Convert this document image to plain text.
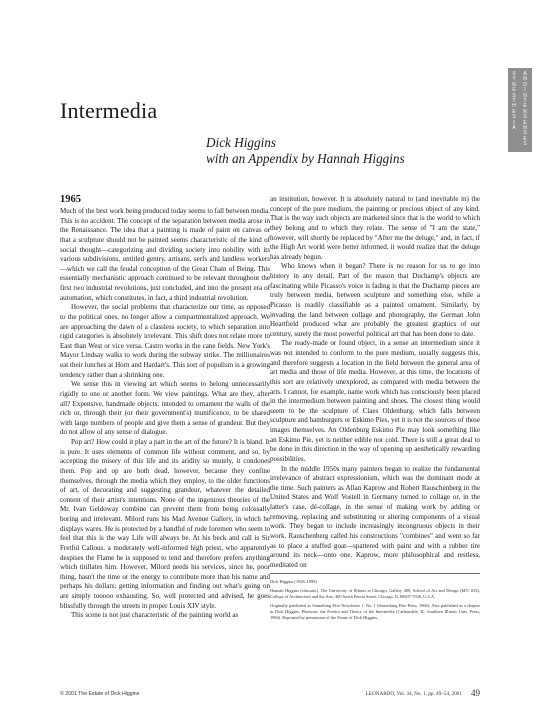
S
Y
N
E
S
T
H
E
S
I
A
A
N
D
I
N
T
E
R
S
E
N
S
E
S
Intermedia
Dick Higgins
with an Appendix by Hannah Higgins
1965

Much of the best work being produced today seems to fall between media. This is no accident. The concept of the separation between media arose in the Renaissance. The idea that a painting is made of paint on canvas or that a sculpture should not be painted seems characteristic of the kind of social thought—categorizing and dividing society into nobility with its various subdivisions, untitled gentry, artisans, serfs and landless workers—which we call the feudal conception of the Great Chain of Being. This essentially mechanistic approach continued to be relevant throughout the first two industrial revolutions, just concluded, and into the present era of automation, which constitutes, in fact, a third industrial revolution.

However, the social problems that characterize our time, as opposed to the political ones, no longer allow a compartmentalized approach. We are approaching the dawn of a classless society, to which separation into rigid categories is absolutely irrelevant. This shift does not relate more to East than West or vice versa. Castro works in the cane fields. New York's Mayor Lindsay walks to work during the subway strike. The millionaires eat their lunches at Horn and Hardart's. This sort of populism is a growing tendency rather than a shrinking one.

We sense this in viewing art which seems to belong unnecessarily rigidly to one or another form. We view paintings. What are they, after all? Expensive, handmade objects, intended to ornament the walls of the rich or, through their (or their government's) munificence, to be shared with large numbers of people and give them a sense of grandeur. But they do not allow of any sense of dialogue.

Pop art? How could it play a part in the art of the future? It is bland. It is pure. It uses elements of common life without comment, and so, by accepting the misery of this life and its aridity so mutely, it condones them. Pop and op are both dead, however, because they confine themselves, through the media which they employ, to the older functions of art, of decorating and suggesting grandeur, whatever the detailed content of their artist's intentions. None of the ingenious theories of the Mr. Ivan Geldoway combine can prevent them from being colossally boring and irrelevant. Milord runs his Mad Avenue Gallery, in which he displays wares. He is protected by a handful of rude foremen who seem to feel that this is the way Life will always be. At his beck and call is Sir Fretful Callous, a moderately well-informed high priest, who apparently despises the Flame he is supposed to tend and therefore prefers anything which titillates him. However, Milord needs his services, since he, poor thing, hasn't the time or the energy to contribute more than his name and perhaps his dollars; getting information and finding out what's going on are simply tooooo exhausting. So, well protected and advised, he goes blissfully through the streets in proper Louis XIV style.

This scene is not just characteristic of the painting world as

an institution, however. It is absolutely natural to (and inevitable in) the concept of the pure medium, the painting or precious object of any kind. That is the way such objects are marketed since that is the world to which they belong and to which they relate. The sense of "I am the state," however, will shortly be replaced by "After me the deluge," and, in fact, if the High Art world were better informed, it would realize that the deluge has already begun.

Who knows when it began? There is no reason for us to go into history in any detail. Part of the reason that Duchamp's objects are fascinating while Picasso's voice is fading is that the Duchamp pieces are truly between media, between sculpture and something else, while a Picasso is readily classifiable as a painted ornament. Similarly, by invading the land between collage and photography, the German John Heartfield produced what are probably the greatest graphics of our century, surely the most powerful political art that has been done to date.

The ready-made or found object, in a sense an intermedium since it was not intended to conform to the pure medium, usually suggests this, and therefore suggests a location in the field between the general area of art media and those of life media. However, at this time, the locations of this sort are relatively unexplored, as compared with media between the arts. I cannot, for example, name work which has consciously been placed in the intermedium between painting and shoes. The closest thing would seem to be the sculpture of Claes Oldenburg, which falls between sculpture and hamburgers or Eskimo Pies, yet it is not the sources of these images themselves. An Oldenburg Eskimo Pie may look something like an Eskimo Pie, yet is neither edible nor cold. There is still a great deal to be done in this direction in the way of opening up aesthetically rewarding possibilities.

In the middle 1950s many painters began to realize the fundamental irrelevance of abstract expressionism, which was the dominant mode at the time. Such painters as Allan Kaprow and Robert Rauschenberg in the United States and Wolf Vostell in Germany turned to collage or, in the latter's case, dé-collage, in the sense of making work by adding or removing, replacing and substituting or altering components of a visual work. They began to include increasingly incongruous objects in their work. Rauschenberg called his constructions "combines" and went so far as to place a stuffed goat—spattered with paint and with a rubber tire around its neck—onto one. Kaprow, more philosophical and restless, meditated on

Dick Higgins (1938–1998)

Hannah Higgins (educator), The University of Illinois at Chicago, Gallery 400, School of Art and Design (M/C 033), College of Architecture and the Arts, 400 South Peoria Street, Chicago, IL 60607-7036, U.S.A.

Originally published as Something Else Newsletter 1, No. 1 (Something Else Press, 1966). Also published as a chapter in Dick Higgins, Horizons, the Poetics and Theory of the Intermedia (Carbondale, IL: Southern Illinois Univ. Press, 1984). Reprinted by permission of the Estate of Dick Higgins.

© 2001 The Estate of Dick Higgins	LEONARDO, Vol. 34, No. 1, pp. 49–54, 2001 49
